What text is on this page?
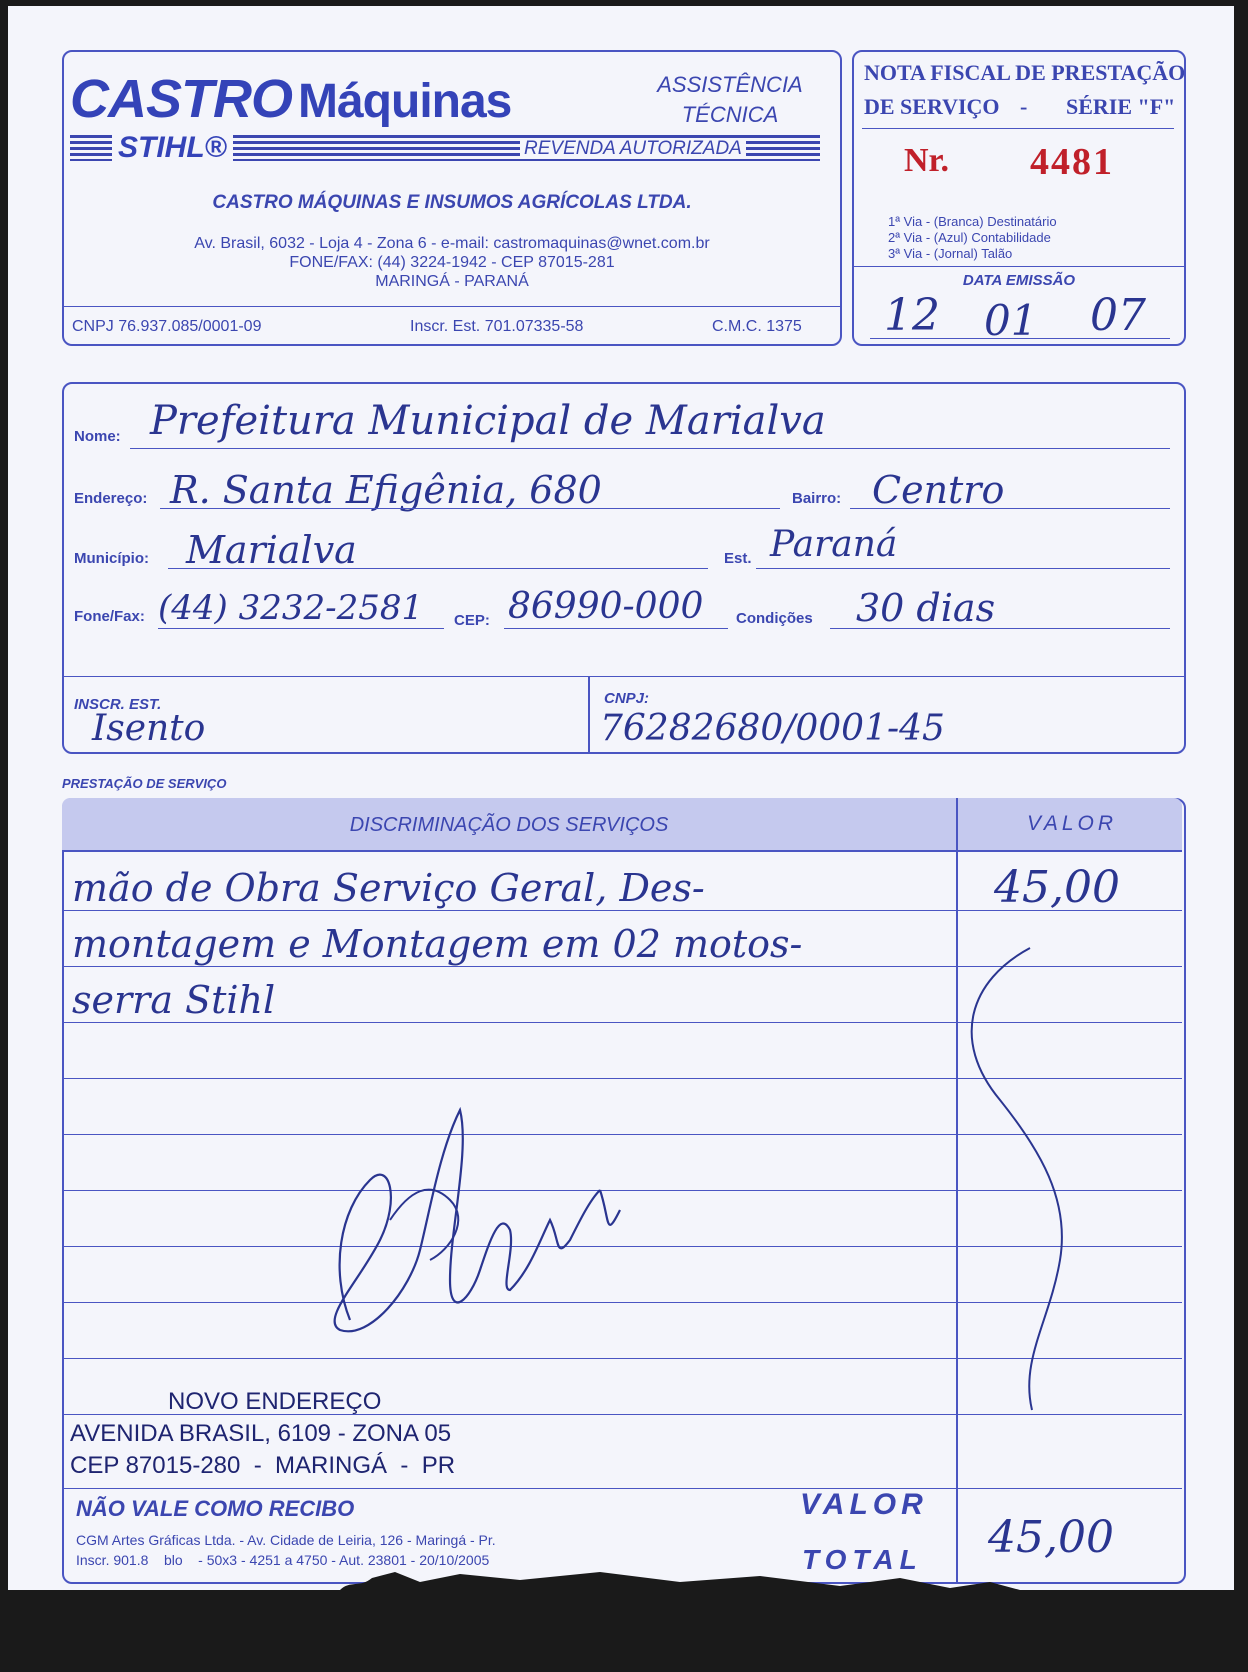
CASTRO Máquinas
STIHL®	REVENDA AUTORIZADA
ASSISTÊNCIA
TÉCNICA
CASTRO MÁQUINAS E INSUMOS AGRÍCOLAS LTDA.
Av. Brasil, 6032 - Loja 4 - Zona 6 - e-mail: castromaquinas@wnet.com.br
FONE/FAX: (44) 3224-1942 - CEP 87015-281
MARINGÁ - PARANÁ
CNPJ 76.937.085/0001-09	Inscr. Est. 701.07335-58	C.M.C. 1375
NOTA FISCAL DE PRESTAÇÃO
DE SERVIÇO - SÉRIE "F"
Nr. 4481
1ª Via - (Branca) Destinatário
2ª Via - (Azul) Contabilidade
3ª Via - (Jornal) Talão
DATA EMISSÃO
12 01 07
Nome: Prefeitura Municipal de Marialva
Endereço: R. Santa Efigênia, 680	Bairro: Centro
Município: Marialva	Est. Paraná
Fone/Fax: (44) 3232-2581 CEP: 86990-000 Condições 30 dias
INSCR. EST.
Isento
CNPJ:
76282680/0001-45
PRESTAÇÃO DE SERVIÇO
DISCRIMINAÇÃO DOS SERVIÇOS	VALOR
mão de Obra Serviço Geral, Des-
montagem e Montagem em 02 motos-
serra Stihl
45,00
NOVO ENDEREÇO
AVENIDA BRASIL, 6109 - ZONA 05
CEP 87015-280  -  MARINGÁ  -  PR
NÃO VALE COMO RECIBO
CGM Artes Gráficas Ltda. - Av. Cidade de Leiria, 126 - Maringá - Pr.
Inscr. 901.8    blo    - 50x3 - 4251 a 4750 - Aut. 23801 - 20/10/2005
VALOR
TOTAL 45,00
